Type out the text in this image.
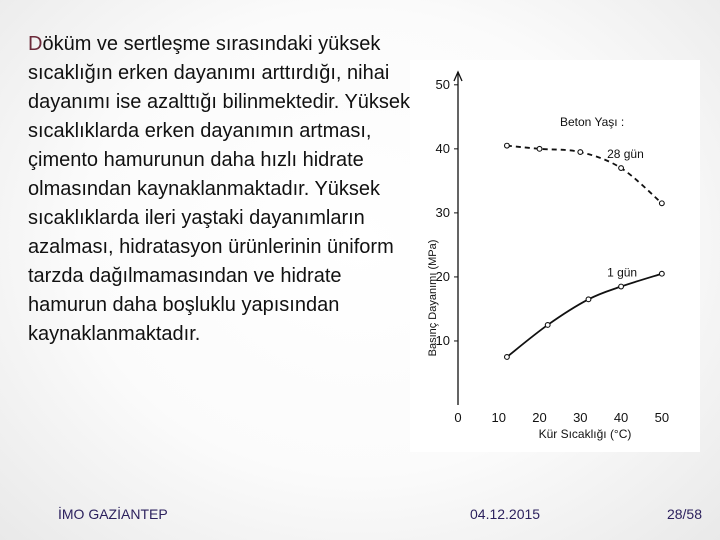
Döküm ve sertleşme sırasındaki yüksek sıcaklığın erken dayanımı arttırdığı, nihai dayanımı ise azalttığı bilinmektedir. Yüksek sıcaklıklarda erken dayanımın artması, çimento hamurunun daha hızlı hidrate olmasından kaynaklanmaktadır. Yüksek sıcaklıklarda ileri yaştaki dayanımların azalması, hidratasyon ürünlerinin üniform tarzda dağılmamasından ve hidrate hamurun daha boşluklu yapısından kaynaklanmaktadır.	10
20
30
40
50
0 10 20 30 40 50
28 gün
1 gün
Basınç Dayanımı (MPa)
Kür Sıcaklığı (°C)
Beton Yaşı :
İMO GAZİANTEP	04.12.2015	28/58
